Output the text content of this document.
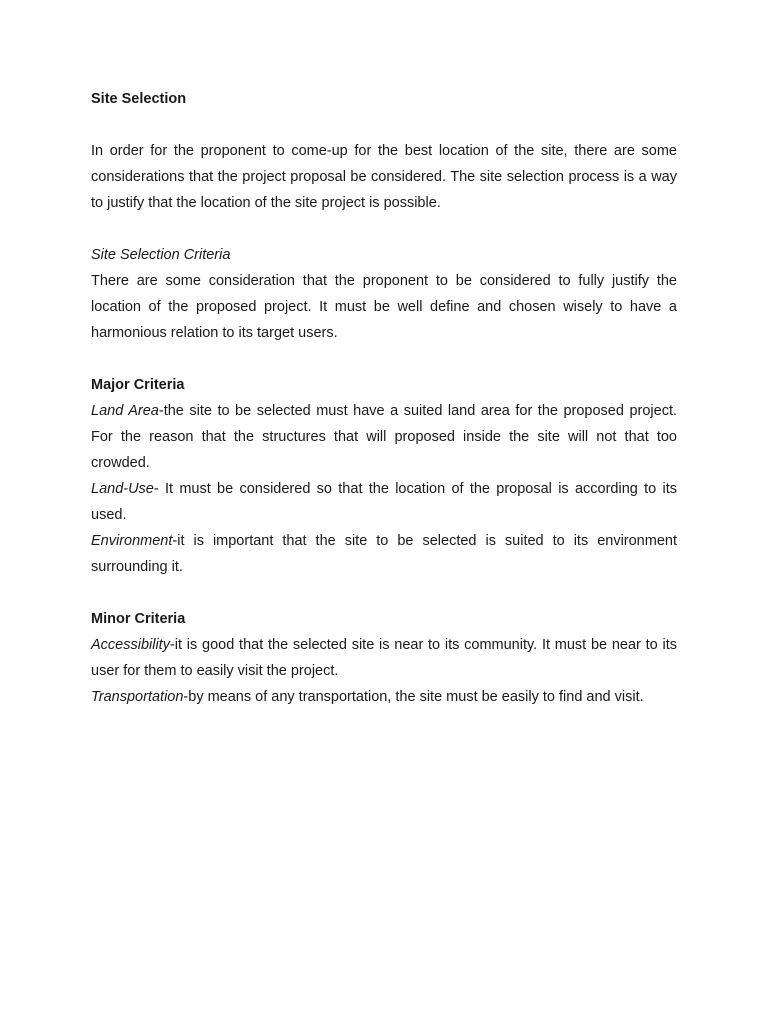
Site Selection

In order for the proponent to come-up for the best location of the site, there are some considerations that the project proposal be considered. The site selection process is a way to justify that the location of the site project is possible.

Site Selection Criteria

There are some consideration that the proponent to be considered to fully justify the location of the proposed project. It must be well define and chosen wisely to have a harmonious relation to its target users.

Major Criteria

Land Area-the site to be selected must have a suited land area for the proposed project. For the reason that the structures that will proposed inside the site will not that too crowded.

Land-Use- It must be considered so that the location of the proposal is according to its used.

Environment-it is important that the site to be selected is suited to its environment surrounding it.

Minor Criteria

Accessibility-it is good that the selected site is near to its community. It must be near to its user for them to easily visit the project.

Transportation-by means of any transportation, the site must be easily to find and visit.
